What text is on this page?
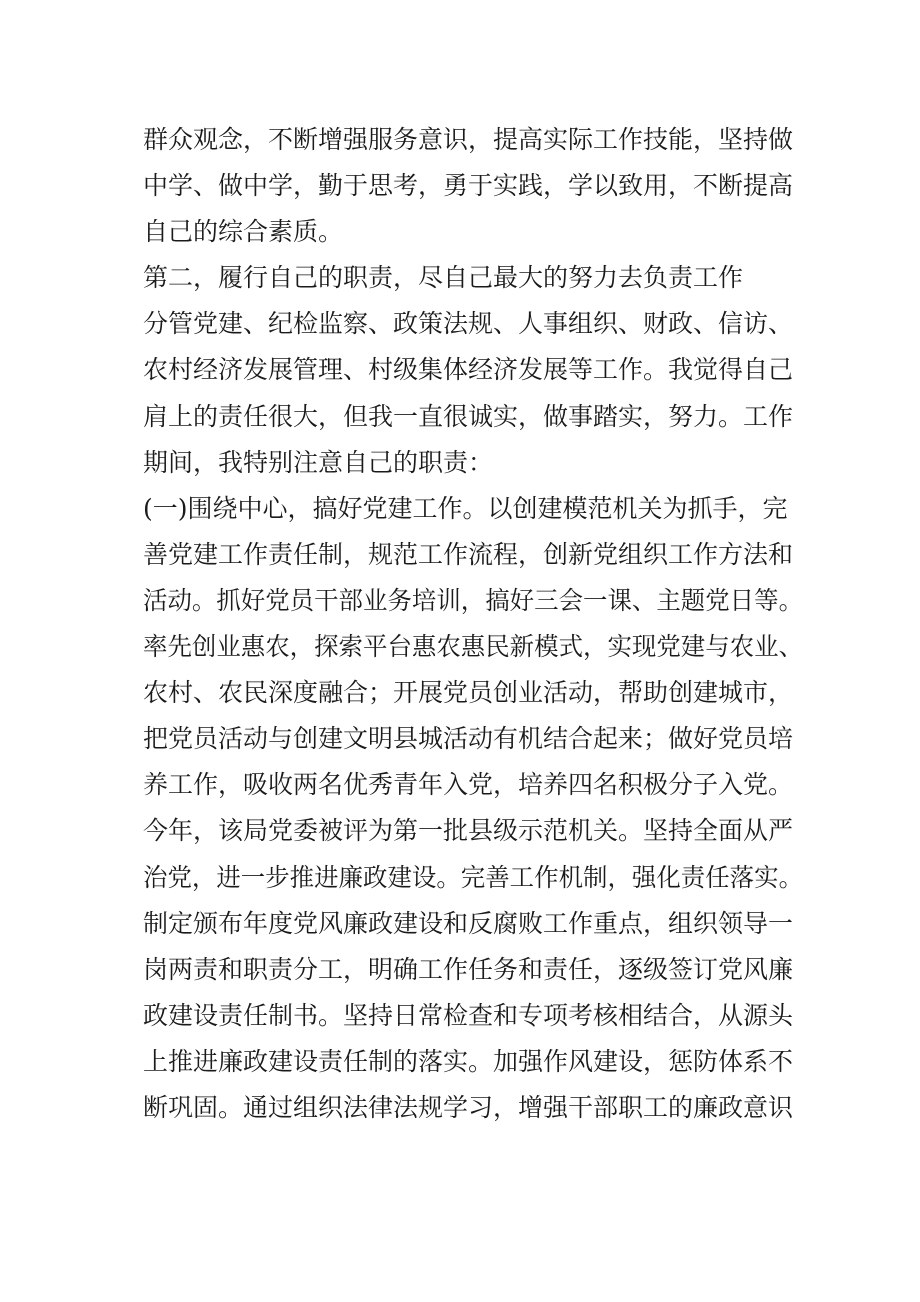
群众观念，不断增强服务意识，提高实际工作技能，坚持做
中学、做中学，勤于思考，勇于实践，学以致用，不断提高
自己的综合素质。
第二，履行自己的职责，尽自己最大的努力去负责工作
分管党建、纪检监察、政策法规、人事组织、财政、信访、
农村经济发展管理、村级集体经济发展等工作。我觉得自己
肩上的责任很大，但我一直很诚实，做事踏实，努力。工作
期间，我特别注意自己的职责：
(一)围绕中心，搞好党建工作。以创建模范机关为抓手，完
善党建工作责任制，规范工作流程，创新党组织工作方法和
活动。抓好党员干部业务培训，搞好三会一课、主题党日等。
率先创业惠农，探索平台惠农惠民新模式，实现党建与农业、
农村、农民深度融合；开展党员创业活动，帮助创建城市，
把党员活动与创建文明县城活动有机结合起来；做好党员培
养工作，吸收两名优秀青年入党，培养四名积极分子入党。
今年，该局党委被评为第一批县级示范机关。坚持全面从严
治党，进一步推进廉政建设。完善工作机制，强化责任落实。
制定颁布年度党风廉政建设和反腐败工作重点，组织领导一
岗两责和职责分工，明确工作任务和责任，逐级签订党风廉
政建设责任制书。坚持日常检查和专项考核相结合，从源头
上推进廉政建设责任制的落实。加强作风建设，惩防体系不
断巩固。通过组织法律法规学习，增强干部职工的廉政意识
